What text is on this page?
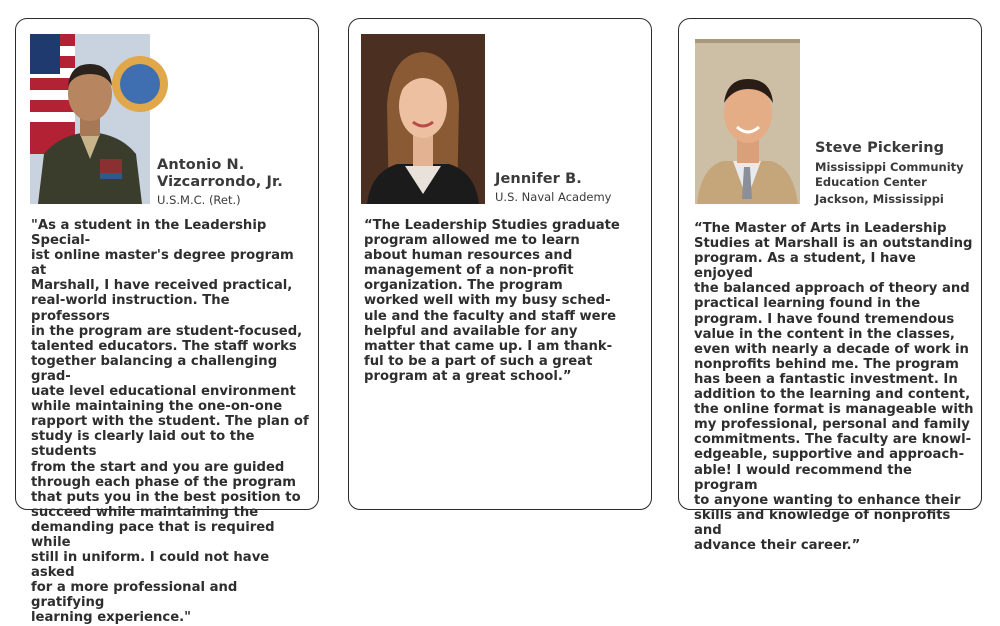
Antonio N.
Vizcarrondo, Jr.
U.S.M.C. (Ret.)

"As a student in the Leadership Special-
ist online master's degree program at
Marshall, I have received practical,
real-world instruction. The professors
in the program are student-focused,
talented educators. The staff works
together balancing a challenging grad-
uate level educational environment
while maintaining the one-on-one
rapport with the student. The plan of
study is clearly laid out to the students
from the start and you are guided
through each phase of the program
that puts you in the best position to
succeed while maintaining the
demanding pace that is required while
still in uniform. I could not have asked
for a more professional and gratifying
learning experience."

Jennifer B.
U.S. Naval Academy

“The Leadership Studies graduate
program allowed me to learn
about human resources and
management of a non-profit
organization. The program
worked well with my busy sched-
ule and the faculty and staff were
helpful and available for any
matter that came up. I am thank-
ful to be a part of such a great
program at a great school.”

Steve Pickering
Mississippi Community
Education Center
Jackson, Mississippi

“The Master of Arts in Leadership
Studies at Marshall is an outstanding
program. As a student, I have enjoyed
the balanced approach of theory and
practical learning found in the
program. I have found tremendous
value in the content in the classes,
even with nearly a decade of work in
nonprofits behind me. The program
has been a fantastic investment. In
addition to the learning and content,
the online format is manageable with
my professional, personal and family
commitments. The faculty are knowl-
edgeable, supportive and approach-
able! I would recommend the program
to anyone wanting to enhance their
skills and knowledge of nonprofits and
advance their career.”
